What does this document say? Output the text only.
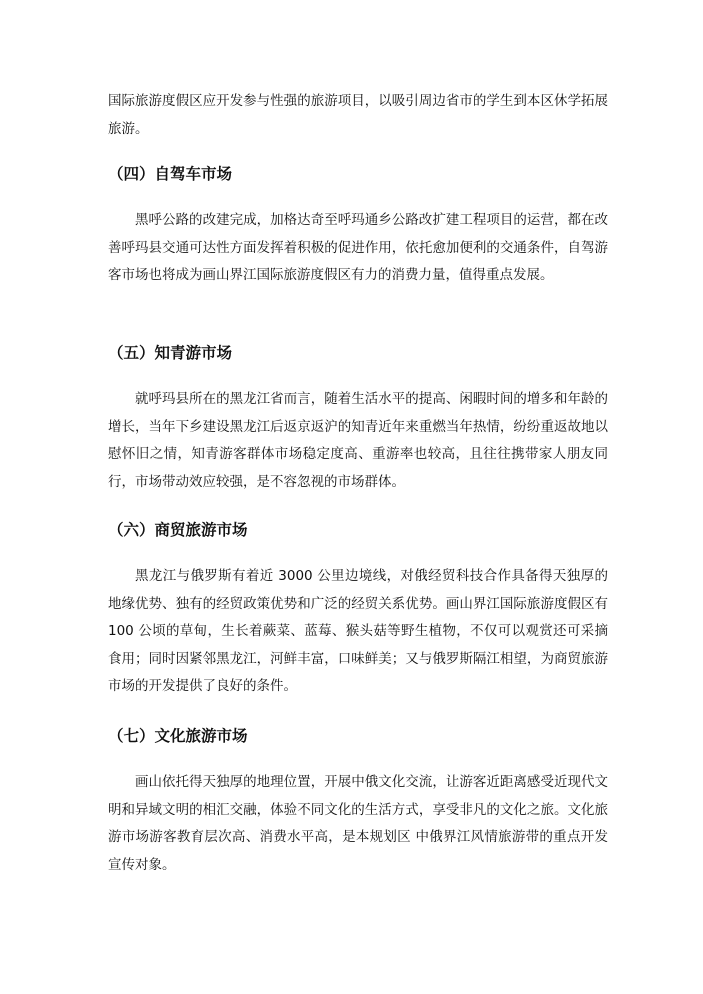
国际旅游度假区应开发参与性强的旅游项目，以吸引周边省市的学生到本区休学拓展旅游。

（四）自驾车市场

黑呼公路的改建完成，加格达奇至呼玛通乡公路改扩建工程项目的运营，都在改善呼玛县交通可达性方面发挥着积极的促进作用，依托愈加便利的交通条件，自驾游客市场也将成为画山界江国际旅游度假区有力的消费力量，值得重点发展。

（五）知青游市场

就呼玛县所在的黑龙江省而言，随着生活水平的提高、闲暇时间的增多和年龄的增长，当年下乡建设黑龙江后返京返沪的知青近年来重燃当年热情，纷纷重返故地以慰怀旧之情，知青游客群体市场稳定度高、重游率也较高，且往往携带家人朋友同行，市场带动效应较强，是不容忽视的市场群体。

（六）商贸旅游市场

黑龙江与俄罗斯有着近 3000 公里边境线，对俄经贸科技合作具备得天独厚的地缘优势、独有的经贸政策优势和广泛的经贸关系优势。画山界江国际旅游度假区有 100 公顷的草甸，生长着蕨菜、蓝莓、猴头菇等野生植物，不仅可以观赏还可采摘食用；同时因紧邻黑龙江，河鲜丰富，口味鲜美；又与俄罗斯隔江相望，为商贸旅游市场的开发提供了良好的条件。

（七）文化旅游市场

画山依托得天独厚的地理位置，开展中俄文化交流，让游客近距离感受近现代文明和异域文明的相汇交融，体验不同文化的生活方式，享受非凡的文化之旅。文化旅游市场游客教育层次高、消费水平高，是本规划区 中俄界江风情旅游带的重点开发宣传对象。
